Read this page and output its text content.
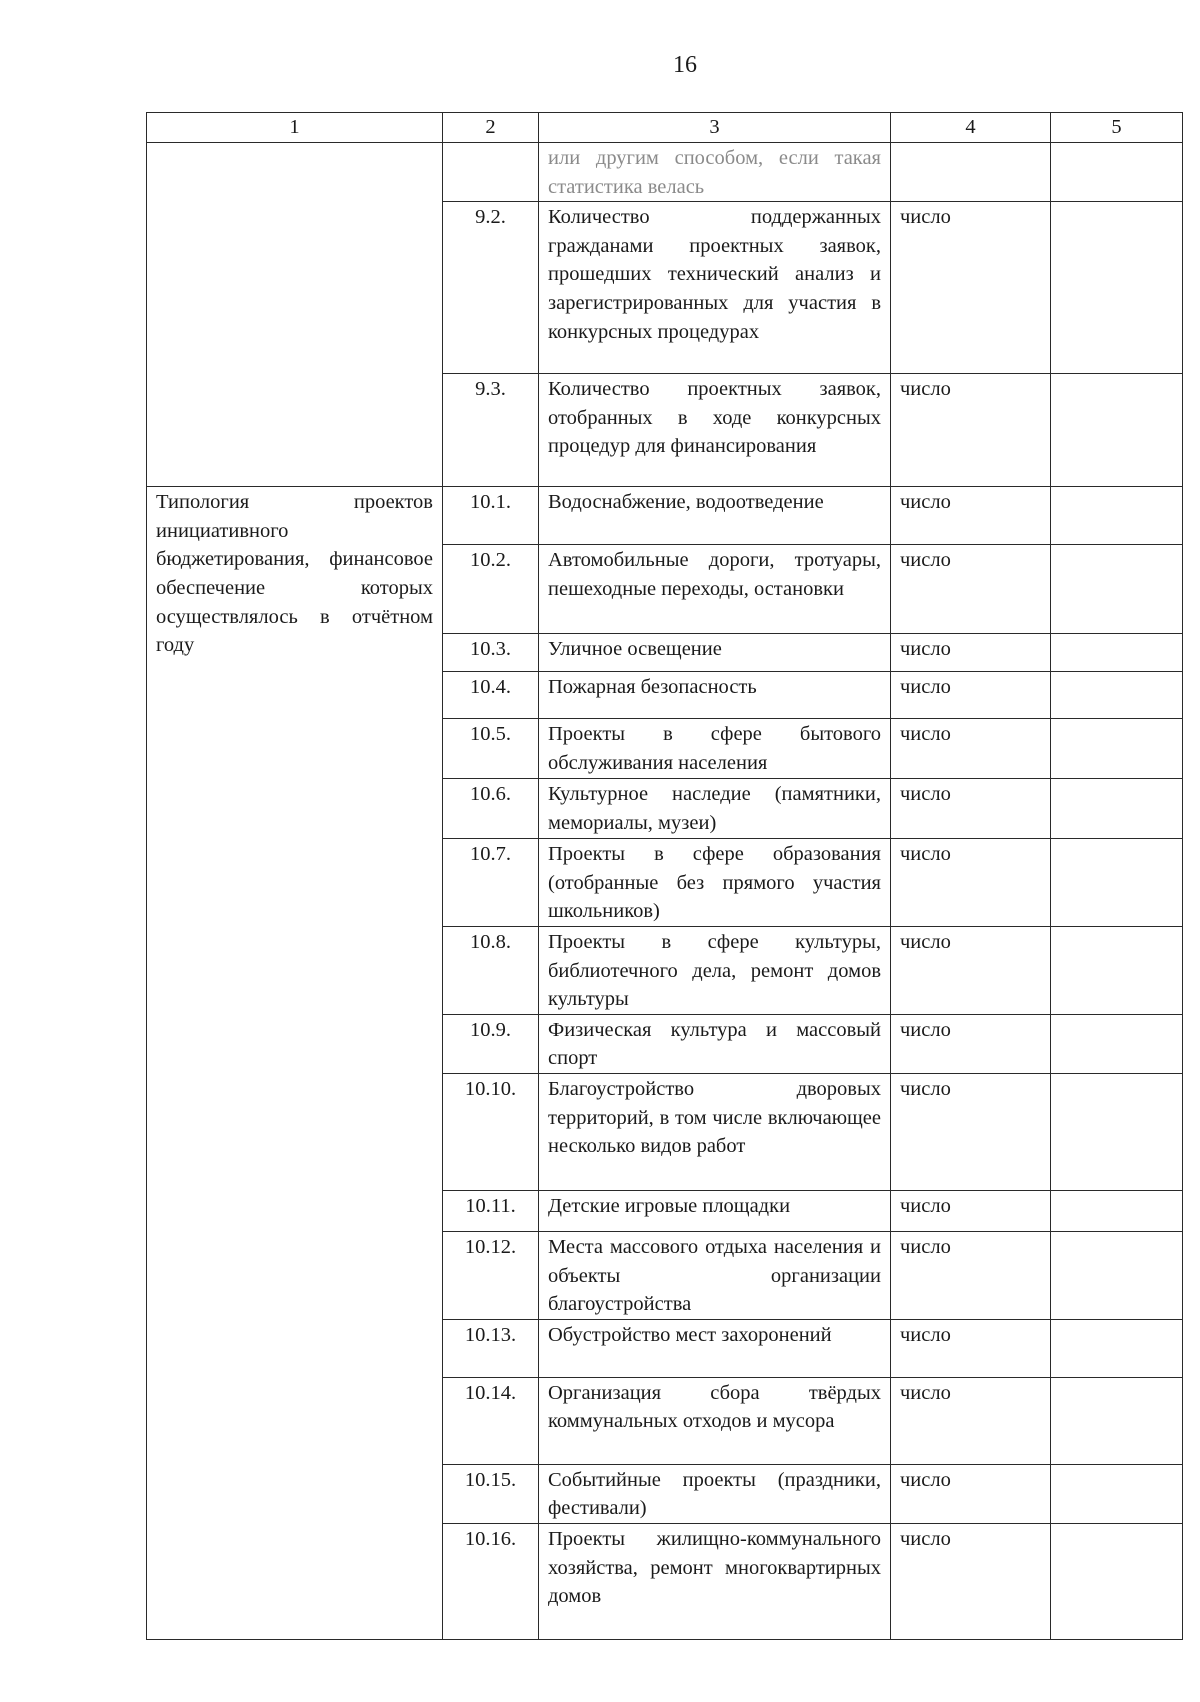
16
1	2	3	4	5
		или другим способом, если такая статистика велась		
	9.2.	Количество поддержанных гражданами проектных заявок, прошедших технический анализ и зарегистрированных для участия в конкурсных процедурах	число	
	9.3.	Количество проектных заявок, отобранных в ходе конкурсных процедур для финансирования	число	
Типология проектов инициативного бюджетирования, финансовое обеспечение которых осуществлялось в отчётном году	10.1.	Водоснабжение, водоотведение	число	
	10.2.	Автомобильные дороги, тротуары, пешеходные переходы, остановки	число	
	10.3.	Уличное освещение	число	
	10.4.	Пожарная безопасность	число	
	10.5.	Проекты в сфере бытового обслуживания населения	число	
	10.6.	Культурное наследие (памятники, мемориалы, музеи)	число	
	10.7.	Проекты в сфере образования (отобранные без прямого участия школьников)	число	
	10.8.	Проекты в сфере культуры, библиотечного дела, ремонт домов культуры	число	
	10.9.	Физическая культура и массовый спорт	число	
	10.10.	Благоустройство дворовых территорий, в том числе включающее несколько видов работ	число	
	10.11.	Детские игровые площадки	число	
	10.12.	Места массового отдыха населения и объекты организации благоустройства	число	
	10.13.	Обустройство мест захоронений	число	
	10.14.	Организация сбора твёрдых коммунальных отходов и мусора	число	
	10.15.	Событийные проекты (праздники, фестивали)	число	
	10.16.	Проекты жилищно-коммунального хозяйства, ремонт многоквартирных домов	число	
